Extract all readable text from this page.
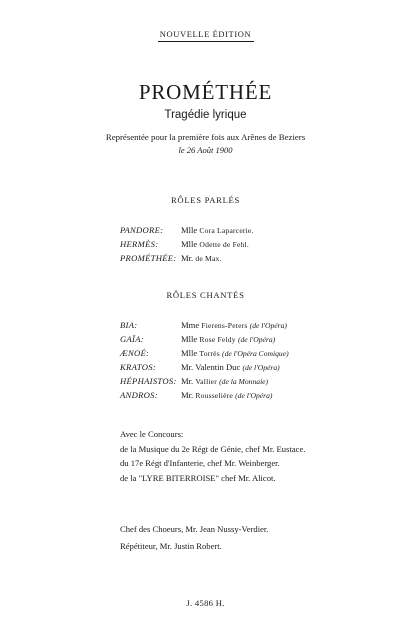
NOUVELLE ÉDITION
PROMÉTHÉE
Tragédie lyrique
Représentée pour la première fois aux Arênes de Beziers
le 26 Août 1900
RÔLES PARLÉS
PANDORE: Mlle Cora Laparcerie.
HERMÈS:	Mlle Odette de Fehl.
PROMÉTHÉE: Mr. de Max.
RÔLES CHANTÉS
BIA:	Mme Fierens-Peters (de l'Opéra)
GAÏA:	Mlle Rose Feldy (de l'Opéra)
ÆNOÉ:	Mlle Torrès (de l'Opéra Comique)
KRATOS:	Mr. Valentin Duc (de l'Opéra)
HÉPHAISTOS: Mr. Vallier (de la Monnaie)
ANDROS:	Mr. Rousselière (de l'Opéra)
Avec le Concours:
de la Musique du 2e Régt de Génie, chef Mr. Eustace.
du 17e Régt d'Infanterie, chef Mr. Weinberger.
de la "LYRE BITERROISE" chef Mr. Alicot.
Chef des Choeurs, Mr. Jean Nussy-Verdier.
Répétiteur, Mr. Justin Robert.
J. 4586 H.
